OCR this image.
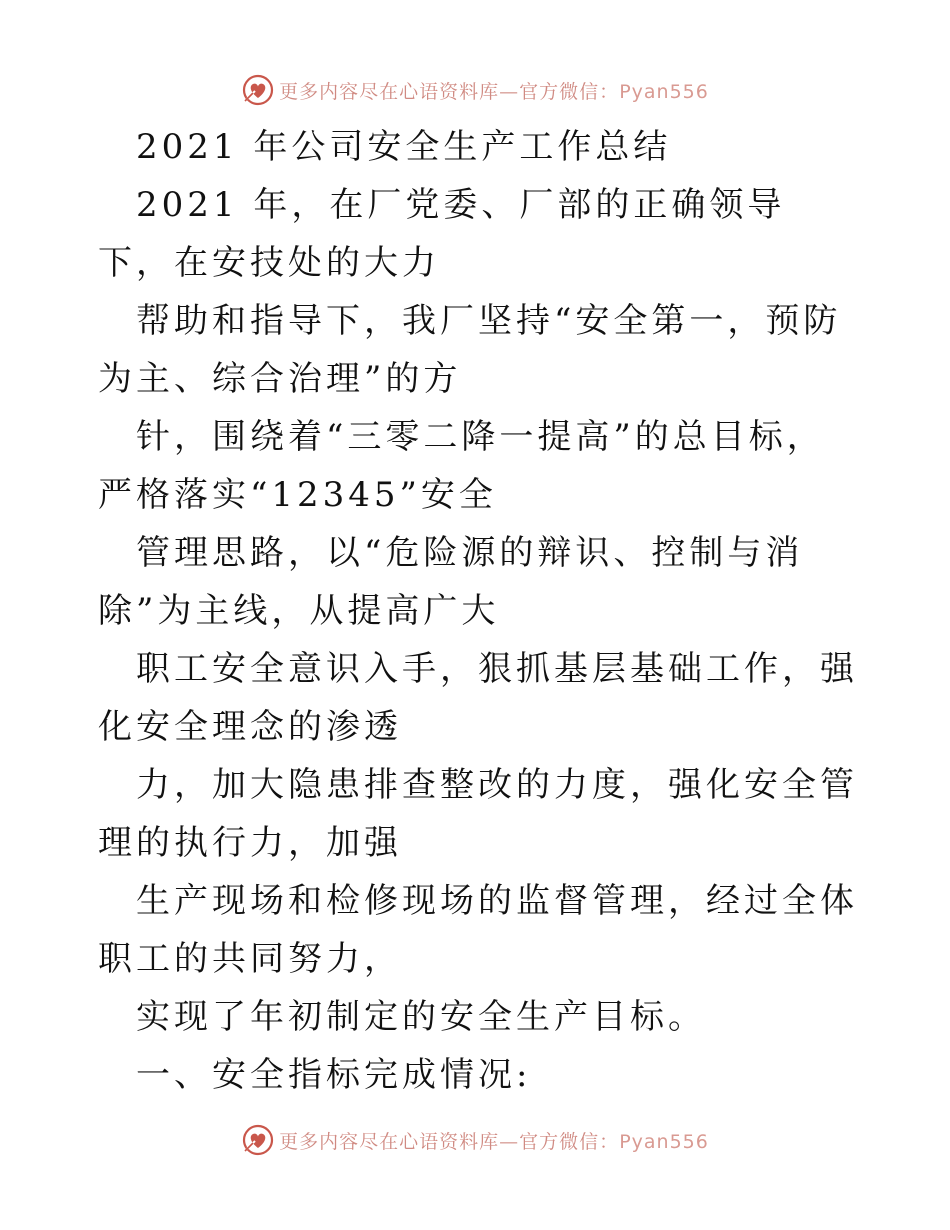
更多内容尽在心语资料库—官方微信：Pyan556

2021 年公司安全生产工作总结

2021 年，在厂党委、厂部的正确领导下，在安技处的大力

帮助和指导下，我厂坚持“安全第一，预防为主、综合治理”的方

针，围绕着“三零二降一提高”的总目标，严格落实“12345”安全

管理思路，以“危险源的辩识、控制与消除”为主线，从提高广大

职工安全意识入手，狠抓基层基础工作，强化安全理念的渗透

力，加大隐患排查整改的力度，强化安全管理的执行力，加强

生产现场和检修现场的监督管理，经过全体职工的共同努力，

实现了年初制定的安全生产目标。

一、安全指标完成情况:

更多内容尽在心语资料库—官方微信：Pyan556
